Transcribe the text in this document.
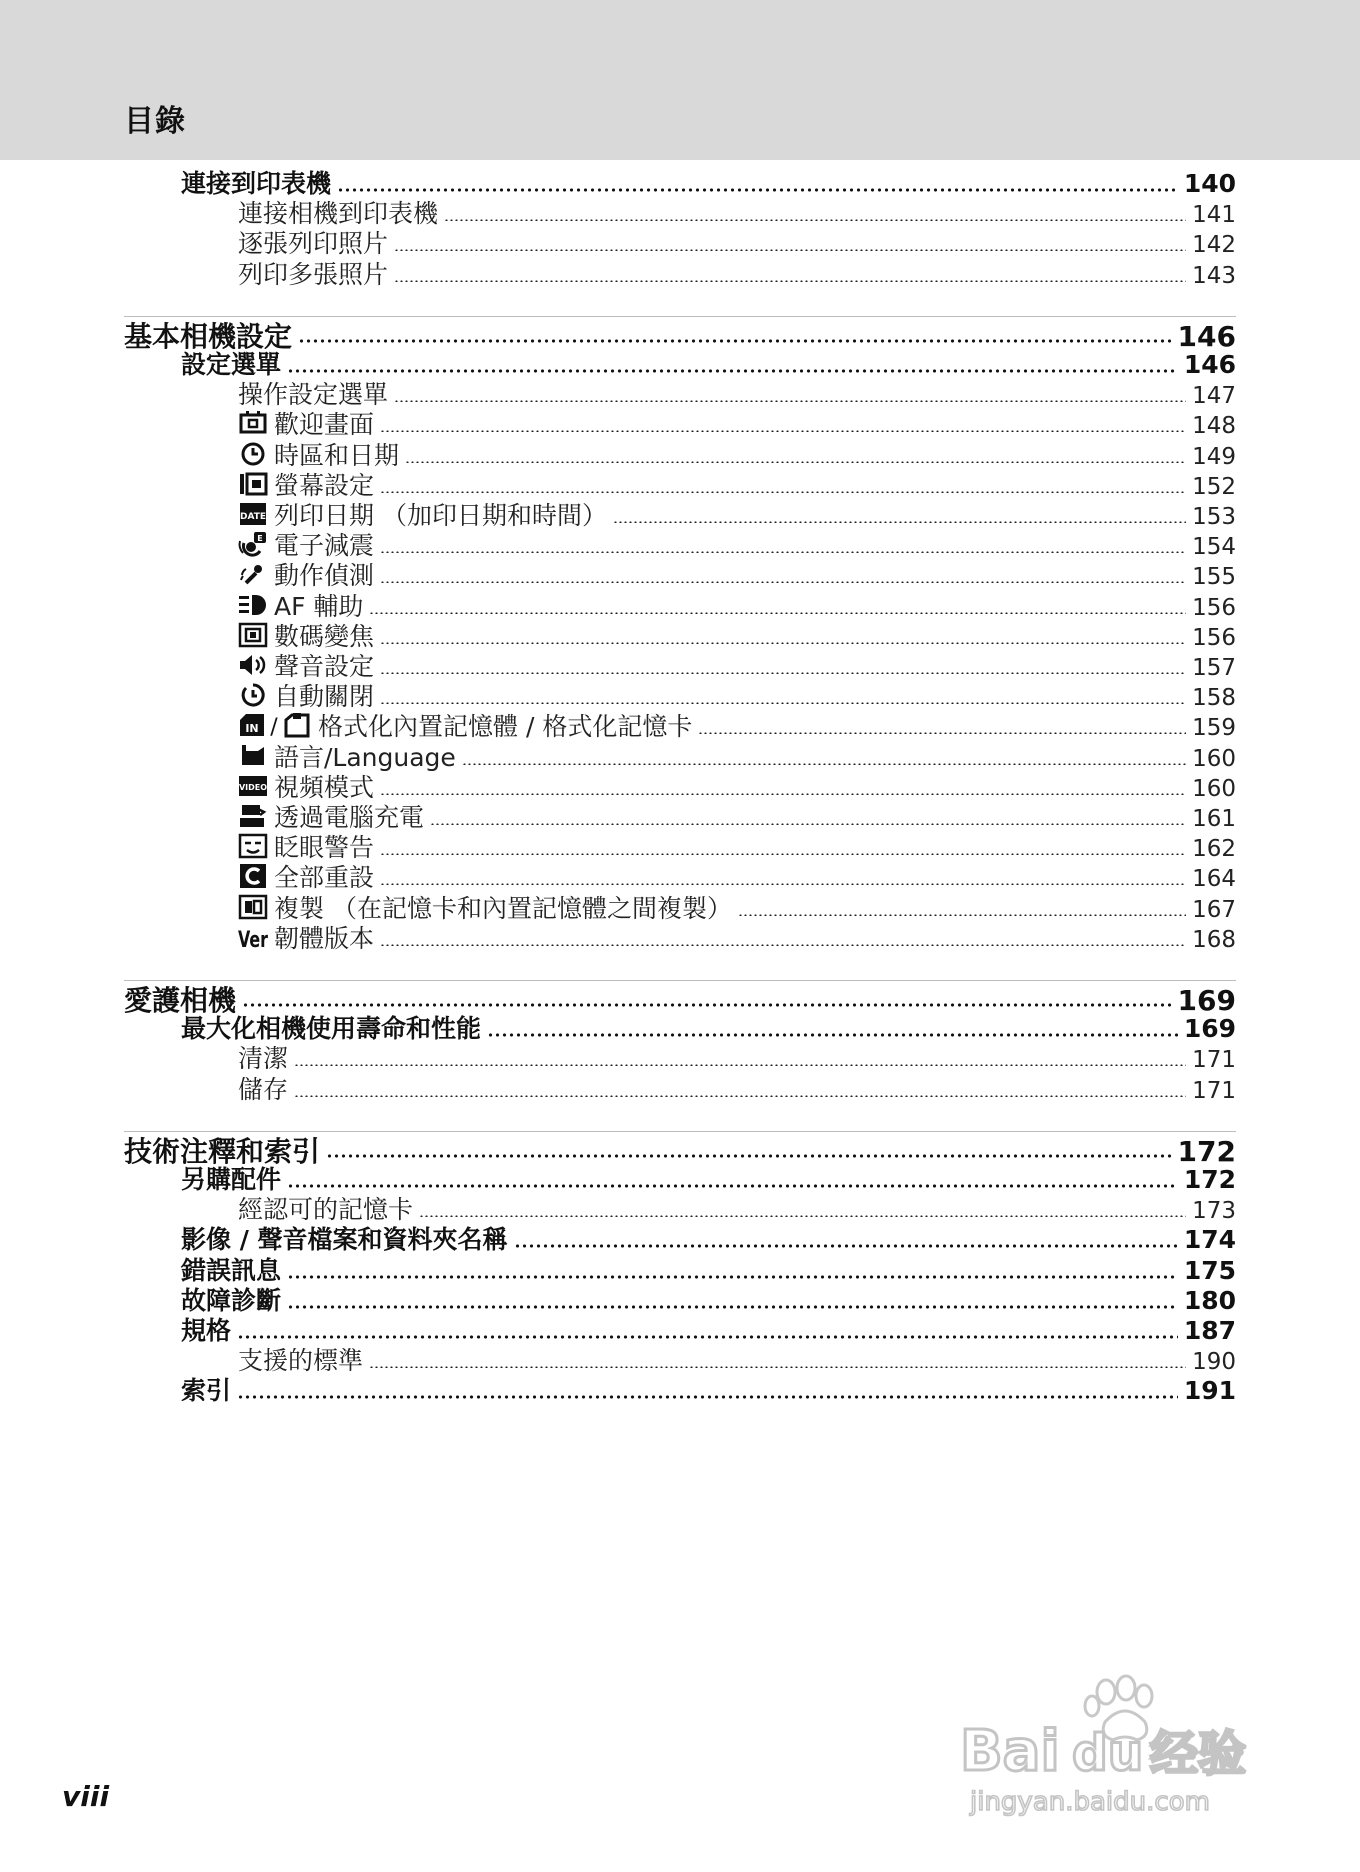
目錄
連接到印表機	140
連接相機到印表機	141
逐張列印照片	142
列印多張照片	143
基本相機設定	146
設定選單	146
操作設定選單	147
歡迎畫面	148
時區和日期	149
螢幕設定	152
DATE 列印日期 （加印日期和時間）	153
E 電子減震	154
動作偵測	155
AF 輔助	156
數碼變焦	156
聲音設定	157
自動關閉	158
IN / 格式化內置記憶體 / 格式化記憶卡	159
語言/Language	160
VIDEO 視頻模式	160
透過電腦充電	161
眨眼警告	162
全部重設	164
複製 （在記憶卡和內置記憶體之間複製）	167
Ver 韌體版本	168
愛護相機	169
最大化相機使用壽命和性能	169
清潔	171
儲存	171
技術注釋和索引	172
另購配件	172
經認可的記憶卡	173
影像 / 聲音檔案和資料夾名稱	174
錯誤訊息	175
故障診斷	180
規格	187
支援的標準	190
索引	191
viii
Bai du 经验
jingyan.baidu.com
